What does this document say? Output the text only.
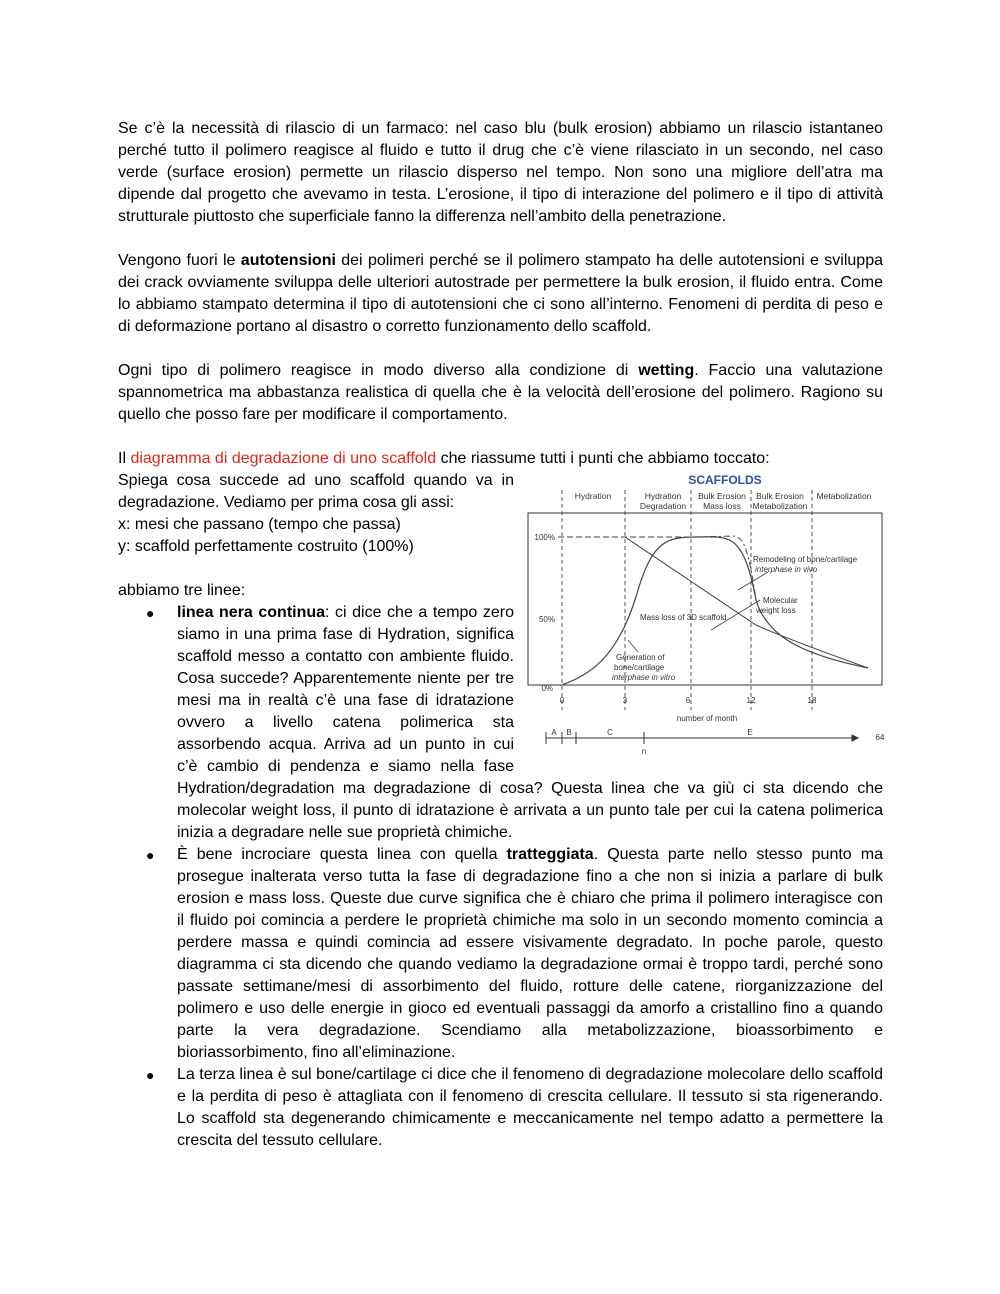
Se c’è la necessità di rilascio di un farmaco: nel caso blu (bulk erosion) abbiamo un rilascio istantaneo perché tutto il polimero reagisce al fluido e tutto il drug che c’è viene rilasciato in un secondo, nel caso verde (surface erosion) permette un rilascio disperso nel tempo. Non sono una migliore dell’atra ma dipende dal progetto che avevamo in testa. L’erosione, il tipo di interazione del polimero e il tipo di attività strutturale piuttosto che superficiale fanno la differenza nell’ambito della penetrazione.

Vengono fuori le autotensioni dei polimeri perché se il polimero stampato ha delle autotensioni e sviluppa dei crack ovviamente sviluppa delle ulteriori autostrade per permettere la bulk erosion, il fluido entra. Come lo abbiamo stampato determina il tipo di autotensioni che ci sono all’interno. Fenomeni di perdita di peso e di deformazione portano al disastro o corretto funzionamento dello scaffold.

Ogni tipo di polimero reagisce in modo diverso alla condizione di wetting. Faccio una valutazione spannometrica ma abbastanza realistica di quella che è la velocità dell’erosione del polimero. Ragiono su quello che posso fare per modificare il comportamento.

Il diagramma di degradazione di uno scaffold che riassume tutti i punti che abbiamo toccato:

SCAFFOLDS
Hydration	Hydration
Degradation
Bulk Erosion
Mass loss
Bulk Erosion
Metabolization
Metabolization
100%
50%
0%
Remodeling of bone/cartilage
interphase in vivo
Molecular
weight loss
Mass loss of 3D scaffold
Generation of
bone/cartilage
interphase in vitro
0	3	6	12	18
number of month
A B	C	E
n
64

Spiega cosa succede ad uno scaffold quando va in degradazione. Vediamo per prima cosa gli assi:

x: mesi che passano (tempo che passa)

y: scaffold perfettamente costruito (100%)

abbiamo tre linee:

● linea nera continua: ci dice che a tempo zero siamo in una prima fase di Hydration, significa scaffold messo a contatto con ambiente fluido. Cosa succede? Apparentemente niente per tre mesi ma in realtà c’è una fase di idratazione ovvero a livello catena polimerica sta assorbendo acqua. Arriva ad un punto in cui c’è cambio di pendenza e siamo nella fase Hydration/degradation ma degradazione di cosa? Questa linea che va giù ci sta dicendo che molecolar weight loss, il punto di idratazione è arrivata a un punto tale per cui la catena polimerica inizia a degradare nelle sue proprietà chimiche.
● È bene incrociare questa linea con quella tratteggiata. Questa parte nello stesso punto ma prosegue inalterata verso tutta la fase di degradazione fino a che non si inizia a parlare di bulk erosion e mass loss. Queste due curve significa che è chiaro che prima il polimero interagisce con il fluido poi comincia a perdere le proprietà chimiche ma solo in un secondo momento comincia a perdere massa e quindi comincia ad essere visivamente degradato. In poche parole, questo diagramma ci sta dicendo che quando vediamo la degradazione ormai è troppo tardi, perché sono passate settimane/mesi di assorbimento del fluido, rotture delle catene, riorganizzazione del polimero e uso delle energie in gioco ed eventuali passaggi da amorfo a cristallino fino a quando parte la vera degradazione. Scendiamo alla metabolizzazione, bioassorbimento e bioriassorbimento, fino all’eliminazione.
● La terza linea è sul bone/cartilage ci dice che il fenomeno di degradazione molecolare dello scaffold e la perdita di peso è attagliata con il fenomeno di crescita cellulare. Il tessuto si sta rigenerando. Lo scaffold sta degenerando chimicamente e meccanicamente nel tempo adatto a permettere la crescita del tessuto cellulare.
